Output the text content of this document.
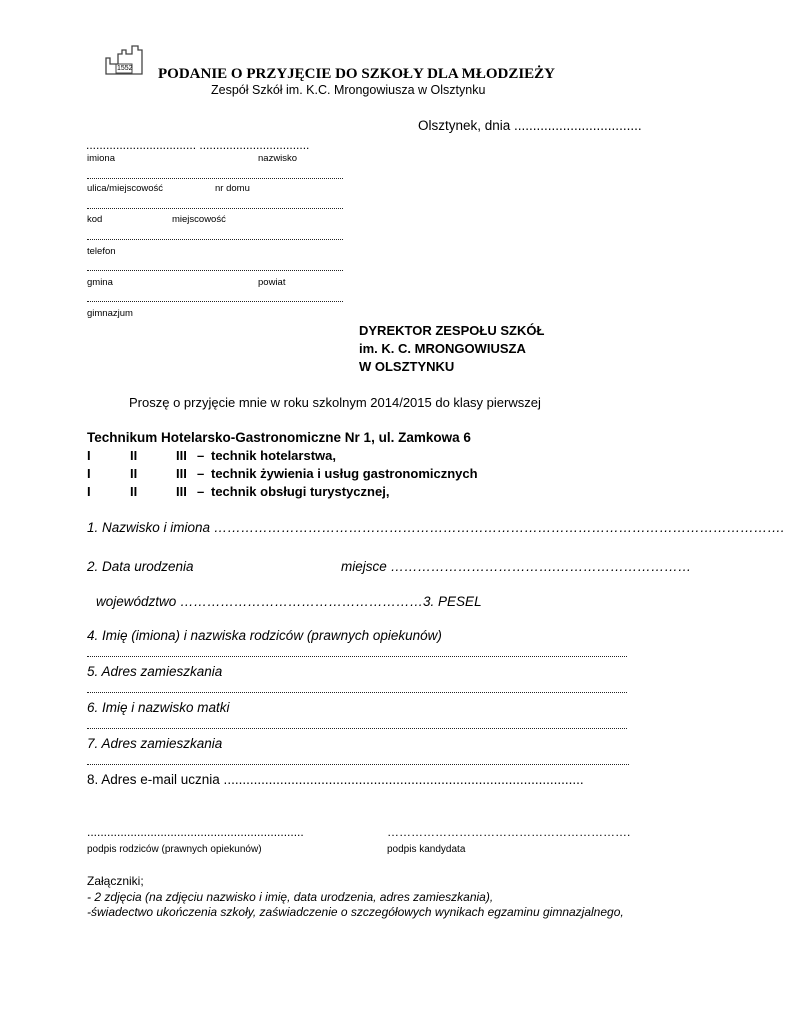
1552 PODANIE O PRZYJĘCIE DO SZKOŁY DLA MŁODZIEŻY
Zespół Szkół im. K.C. Mrongowiusza w Olsztynku
Olsztynek, dnia ..................................
................................. .................................
imiona	nazwisko
ulica/miejscowość	nr domu
kod	miejscowość
telefon
gmina	powiat
gimnazjum
DYREKTOR ZESPOŁU SZKÓŁ
im. K. C. MRONGOWIUSZA
W OLSZTYNKU
Proszę o przyjęcie mnie w roku szkolnym 2014/2015 do klasy pierwszej
Technikum Hotelarsko-Gastronomiczne Nr 1, ul. Zamkowa 6
I	II	III – technik hotelarstwa,
I	II	III – technik żywienia i usług gastronomicznych
I	II	III – technik obsługi turystycznej,
1. Nazwisko i imiona ……………………………………………………………………………………………………………….
2. Data urodzenia	miejsce ……………………………….…………………………
województwo ………………………………………………3. PESEL
4. Imię (imiona) i nazwiska rodziców (prawnych opiekunów)
5. Adres zamieszkania
6. Imię i nazwisko matki
7. Adres zamieszkania
8. Adres e-mail ucznia ................................................................................................
.................................................................	…………………………………………………….
podpis rodziców (prawnych opiekunów)	podpis kandydata
Załączniki;
- 2 zdjęcia (na zdjęciu nazwisko i imię, data urodzenia, adres zamieszkania),
-świadectwo ukończenia szkoły, zaświadczenie o szczegółowych wynikach egzaminu gimnazjalnego,
